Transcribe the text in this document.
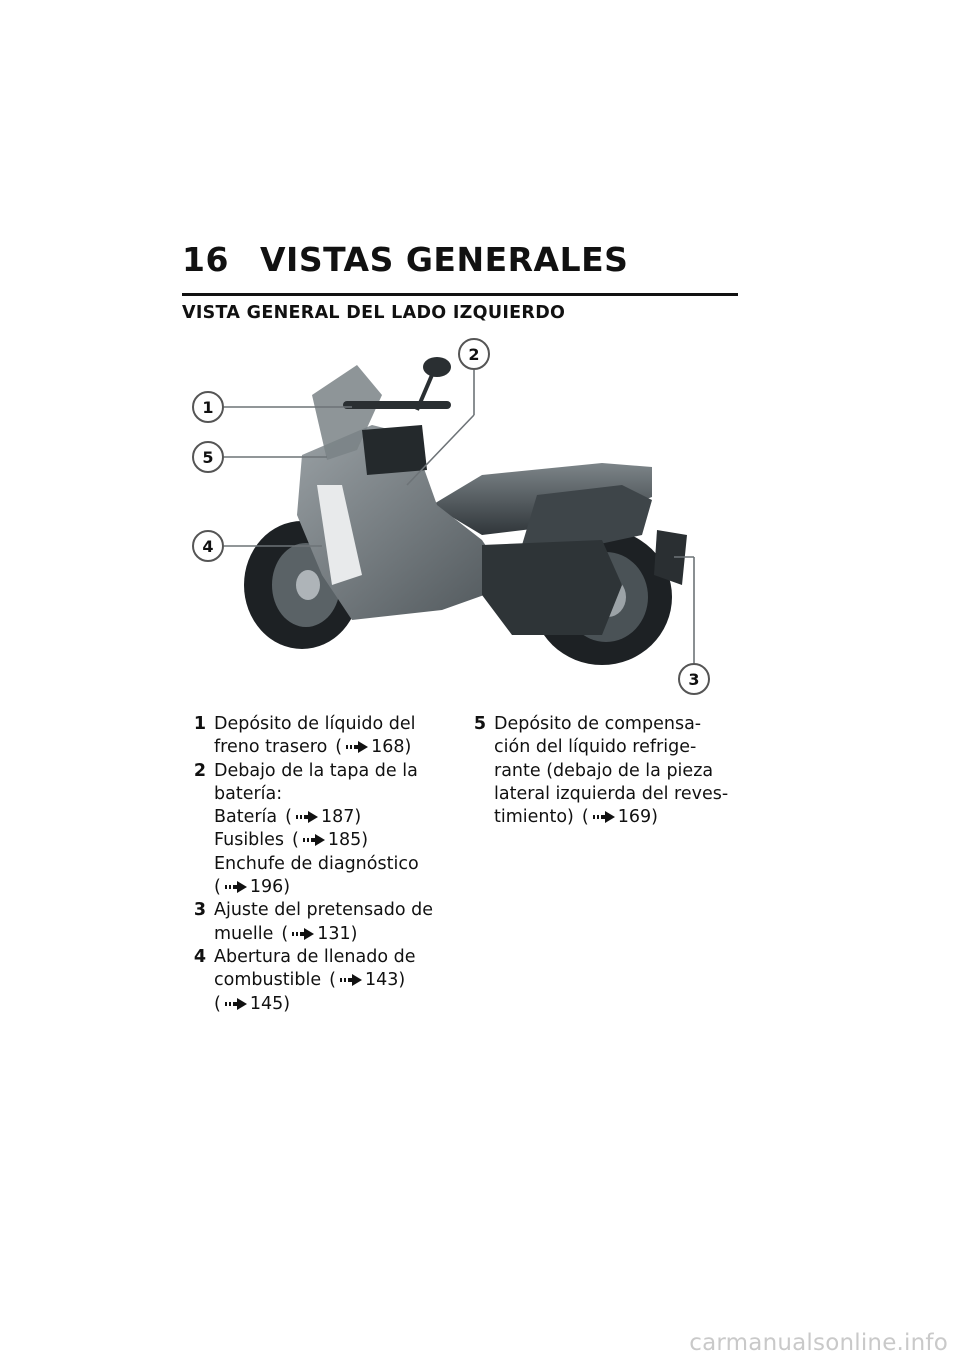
16 VISTAS GENERALES
VISTA GENERAL DEL LADO IZQUIERDO
1
2
3
4
5
1 Depósito de líquido del
freno trasero ( 168)
2 Debajo de la tapa de la
batería:
Batería ( 187)
Fusibles ( 185)
Enchufe de diagnóstico
( 196)
3 Ajuste del pretensado de
muelle ( 131)
4 Abertura de llenado de
combustible ( 143)
( 145)
5 Depósito de compensa-
ción del líquido refrige-
rante (debajo de la pieza
lateral izquierda del reves-
timiento) ( 169)
carmanualsonline.info
